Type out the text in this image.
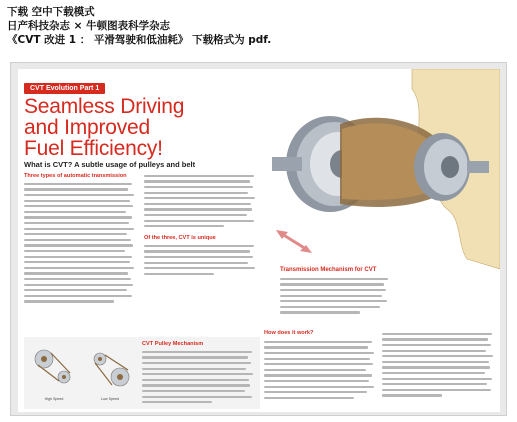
下载 空中下载模式
日产科技杂志 × 牛顿图表科学杂志
《CVT 改进 1 ： 平滑驾驶和低油耗》 下载格式为 pdf.
CVT Evolution Part 1
Seamless Driving
and Improved
Fuel Efficiency!
What is CVT? A subtle usage of pulleys and belt
Three types of automatic transmission
Of the three, CVT is unique
High Speed	Low Speed
CVT Pulley Mechanism
Transmission Mechanism for CVT
How does it work?
